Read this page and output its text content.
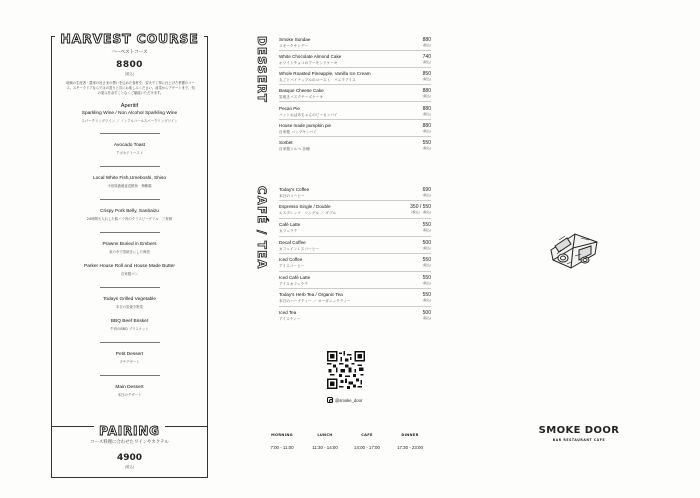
HARVEST COURSE
ハーベストコース
8800
(税込)
地域の生産者・農家の皆さまの想いを込めた食材を、炭火で丁寧に仕上げた季節のコース。スモークドアならではの香りと共にお楽しみください。前菜からデザートまで、旬の恵みを余すことなくご堪能いただけます。
Aperitif
Sparkling Wine / Non Alcohol Sparkling Wine
スパークリングワイン ／ ノンアルコールスパークリングワイン
Avocado Toast
アボカドトースト
Local White Fish,Umeboshi, Shiso
小田原漁港直送鮮魚　梅紫蘇
Crispy Pork Belly, Sanbaizu
24時間火入れした豚バラ肉のクリスピーグリル　三杯酢
Prawns Buried in Embers
灰の中で蒸焼きにした海老
Parker House Roll and House Made Butter
自家製パン
Todays Grilled Vegetable
本日の炭焼き野菜
BBQ Beef Brisket
牛肉のBBQ ブリスケット
Petit Dessert
プチデザート
Main Dessert
本日のデザート
PAIRING
コース料理に合わせたワインやカクテル
4900
(税込)
DESSERT
CAFÉ / TEA
Smoke Sundae
スモークサンデー
880
(税込)
White Chocolate Almond Cake
ホワイトチョコのアーモンドケーキ
740
(税込)
Whole Roasted Pineapple, Vanilla Ice Cream
丸ごとパイナップルのロースト　バニラアイス
850
(税込)
Basque Cheese Cake
炭焼きバスクチーズケーキ
880
(税込)
Pecan Pie
バットおばあちゃんのピーカンパイ
880
(税込)
House made pumpkin pie
自家製 パンプキンパイ
880
(税込)
Sorbet
自家製ソルベ 各種
550
(税込)
Today's Coffee
本日のコーヒー
690
(税込)
Espresso Single / Double
エスプレッソ　シングル ／ ダブル
350 / 550
(税込)　(税込)
Café Latte
カフェラテ
550
(税込)
Decaf Coffee
カフェインレスコーヒー
500
(税込)
Iced Coffee
アイスコーヒー
550
(税込)
Iced Café Latte
アイスカフェラテ
550
(税込)
Today's Herb Tea / Organic Tea
本日のハーブティー ／ オーガニックティー
550
(税込)
Iced Tea
アイスティー
500
(税込)
@smoke_door
MORNING
7:00 - 11:00
LUNCH
11:30 - 14:00
CAFE
14:00 - 17:00
DINNER
17:30 - 23:00
SMOKE DOOR
BAR RESTAURANT CAFE
